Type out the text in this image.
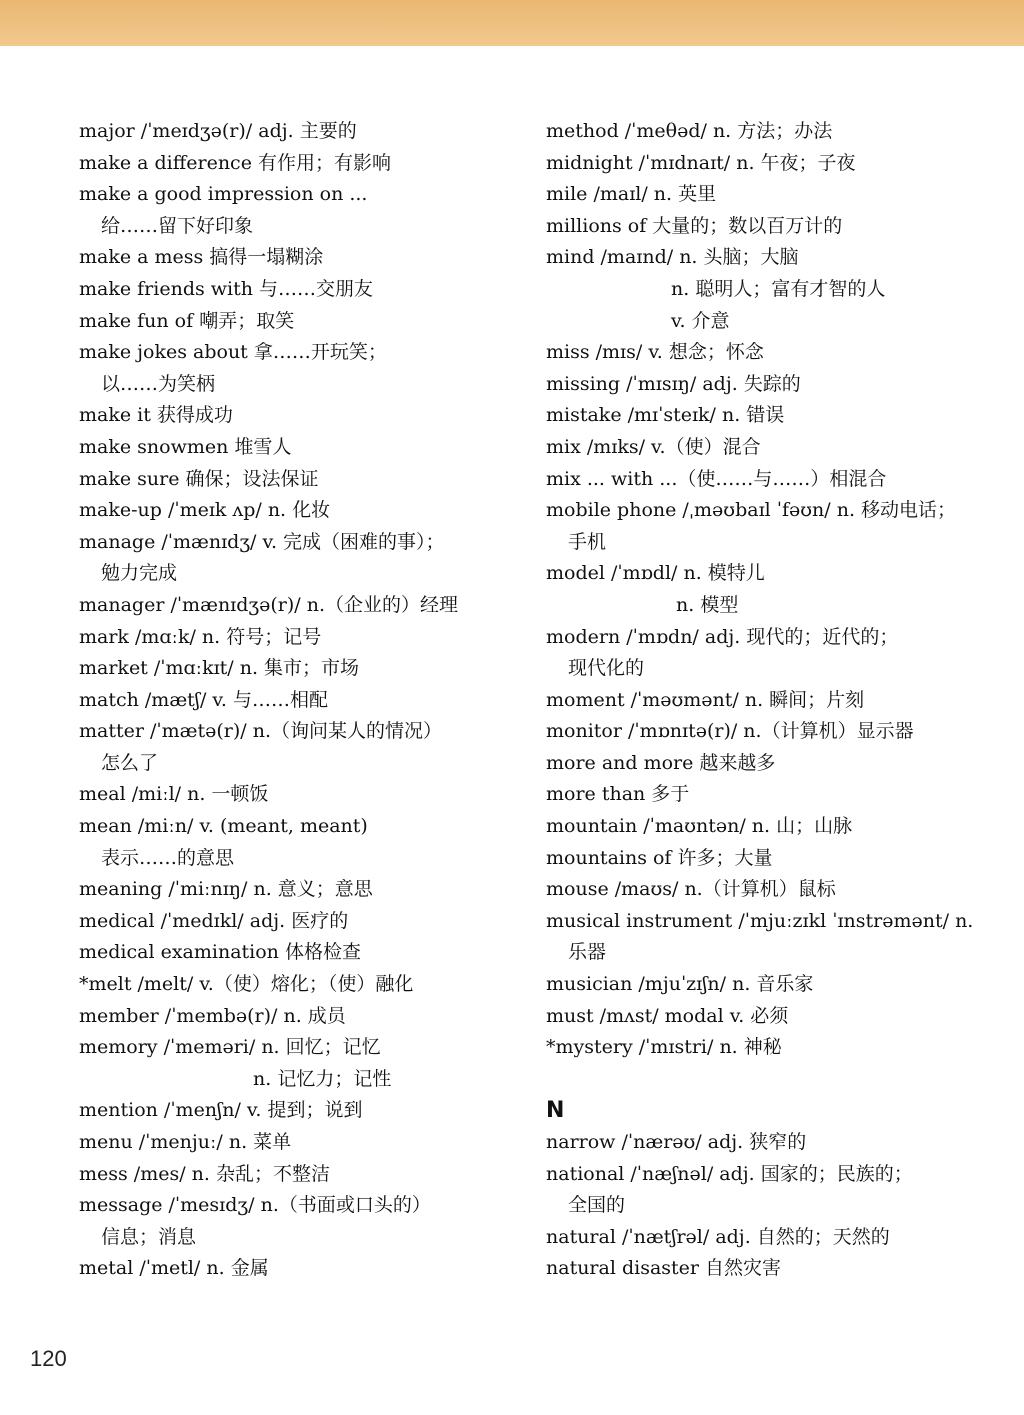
major /ˈmeɪdʒə(r)/ adj. 主要的
make a difference 有作用；有影响
make a good impression on ...
给……留下好印象
make a mess 搞得一塌糊涂
make friends with 与……交朋友
make fun of 嘲弄；取笑
make jokes about 拿……开玩笑；
以……为笑柄
make it 获得成功
make snowmen 堆雪人
make sure 确保；设法保证
make-up /ˈmeɪk ʌp/ n. 化妆
manage /ˈmænɪdʒ/ v. 完成（困难的事）；
勉力完成
manager /ˈmænɪdʒə(r)/ n.（企业的）经理
mark /mɑːk/ n. 符号；记号
market /ˈmɑːkɪt/ n. 集市；市场
match /mætʃ/ v. 与……相配
matter /ˈmætə(r)/ n.（询问某人的情况）
怎么了
meal /miːl/ n. 一顿饭
mean /miːn/ v. (meant, meant)
表示……的意思
meaning /ˈmiːnɪŋ/ n. 意义；意思
medical /ˈmedɪkl/ adj. 医疗的
medical examination 体格检查
*melt /melt/ v.（使）熔化；（使）融化
member /ˈmembə(r)/ n. 成员
memory /ˈmeməri/ n. 回忆；记忆
n. 记忆力；记性
mention /ˈmenʃn/ v. 提到；说到
menu /ˈmenjuː/ n. 菜单
mess /mes/ n. 杂乱；不整洁
message /ˈmesɪdʒ/ n.（书面或口头的）
信息；消息
metal /ˈmetl/ n. 金属
method /ˈmeθəd/ n. 方法；办法
midnight /ˈmɪdnaɪt/ n. 午夜；子夜
mile /maɪl/ n. 英里
millions of 大量的；数以百万计的
mind /maɪnd/ n. 头脑；大脑
n. 聪明人；富有才智的人
v. 介意
miss /mɪs/ v. 想念；怀念
missing /ˈmɪsɪŋ/ adj. 失踪的
mistake /mɪˈsteɪk/ n. 错误
mix /mɪks/ v.（使）混合
mix ... with ...（使……与……）相混合
mobile phone /ˌməʊbaɪl ˈfəʊn/ n. 移动电话；
手机
model /ˈmɒdl/ n. 模特儿
n. 模型
modern /ˈmɒdn/ adj. 现代的；近代的；
现代化的
moment /ˈməʊmənt/ n. 瞬间；片刻
monitor /ˈmɒnɪtə(r)/ n.（计算机）显示器
more and more 越来越多
more than 多于
mountain /ˈmaʊntən/ n. 山；山脉
mountains of 许多；大量
mouse /maʊs/ n.（计算机）鼠标
musical instrument /ˈmjuːzɪkl ˈɪnstrəmənt/ n.
乐器
musician /mjuˈzɪʃn/ n. 音乐家
must /mʌst/ modal v. 必须
*mystery /ˈmɪstri/ n. 神秘
N
narrow /ˈnærəʊ/ adj. 狭窄的
national /ˈnæʃnəl/ adj. 国家的；民族的；
全国的
natural /ˈnætʃrəl/ adj. 自然的；天然的
natural disaster 自然灾害
120
